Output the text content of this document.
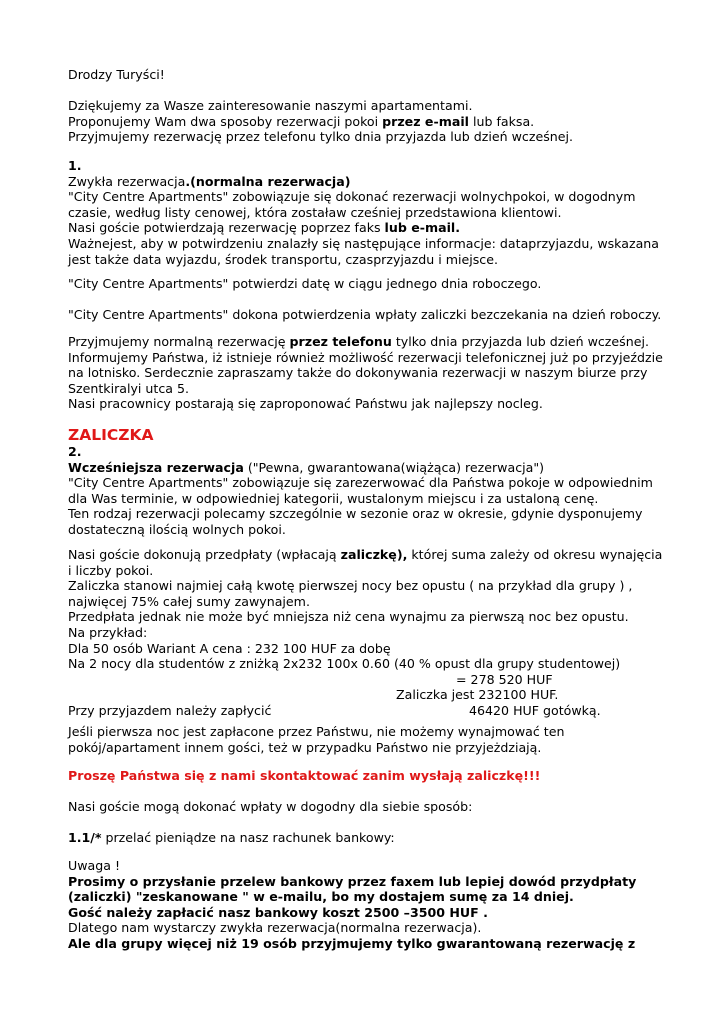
Drodzy Turyści!

Dziękujemy za Wasze zainteresowanie naszymi apartamentami.

Proponujemy Wam dwa sposoby rezerwacji pokoi przez e-mail lub faksa.

Przyjmujemy rezerwację przez telefonu tylko dnia przyjazda lub dzień wcześnej.

1.

Zwykła rezerwacja.(normalna rezerwacja)

"City Centre Apartments" zobowiązuje się dokonać rezerwacji wolnychpokoi, w dogodnym

czasie, według listy cenowej, która zostaław cześniej przedstawiona klientowi.

Nasi goście potwierdzają rezerwację poprzez faks lub e-mail.

Ważnejest, aby w potwirdzeniu znalazły się następujące informacje: dataprzyjazdu, wskazana

jest także data wyjazdu, środek transportu, czasprzyjazdu i miejsce.

"City Centre Apartments" potwierdzi datę w ciągu jednego dnia roboczego.

"City Centre Apartments" dokona potwierdzenia wpłaty zaliczki bezczekania na dzień roboczy.

Przyjmujemy normalną rezerwację przez telefonu tylko dnia przyjazda lub dzień wcześnej.

Informujemy Państwa, iż istnieje również możliwość rezerwacji telefonicznej już po przyjeździe

na lotnisko. Serdecznie zapraszamy także do dokonywania rezerwacji w naszym biurze przy

Szentkiralyi utca 5.

Nasi pracownicy postarają się zaproponować Państwu jak najlepszy nocleg.

ZALICZKA

2.

Wcześniejsza rezerwacja ("Pewna, gwarantowana(wiążąca) rezerwacja")

"City Centre Apartments" zobowiązuje się zarezerwować dla Państwa pokoje w odpowiednim

dla Was terminie, w odpowiedniej kategorii, wustalonym miejscu i za ustaloną cenę.

Ten rodzaj rezerwacji polecamy szczególnie w sezonie oraz w okresie, gdynie dysponujemy

dostateczną ilością wolnych pokoi.

Nasi goście dokonują przedpłaty (wpłacają zaliczkę), której suma zależy od okresu wynajęcia

i liczby pokoi.

Zaliczka stanowi najmiej całą kwotę pierwszej nocy bez opustu ( na przykład dla grupy ) ,

najwięcej 75% całej sumy zawynajem.

Przedpłata jednak nie może być mniejsza niż cena wynajmu za pierwszą noc bez opustu.

Na przykład:

Dla 50 osób Wariant A cena : 232 100 HUF za dobę

Na 2 nocy dla studentów z zniżką 2x232 100x 0.60 (40 % opust dla grupy studentowej)

= 278 520 HUF
Zaliczka jest 232100 HUF.
Przy przyjazdem należy zapłycić	46420 HUF gotówką.

Jeśli pierwsza noc jest zapłacone przez Państwu, nie możemy wynajmować ten

pokój/apartament innem gości, też w przypadku Państwo nie przyjeżdziają.

Proszę Państwa się z nami skontaktować zanim wysłają zaliczkę!!!

Nasi goście mogą dokonać wpłaty w dogodny dla siebie sposób:

1.1/* przelać pieniądze na nasz rachunek bankowy:

Uwaga !

Prosimy o przysłanie przelew bankowy przez faxem lub lepiej dowód przydpłaty

(zaliczki) "zeskanowane " w e-mailu, bo my dostajem sumę za 14 dniej.

Gość należy zapłacić nasz bankowy koszt 2500 –3500 HUF .

Dlatego nam wystarczy zwykła rezerwacja(normalna rezerwacja).

Ale dla grupy więcej niż 19 osób przyjmujemy tylko gwarantowaną rezerwację z
